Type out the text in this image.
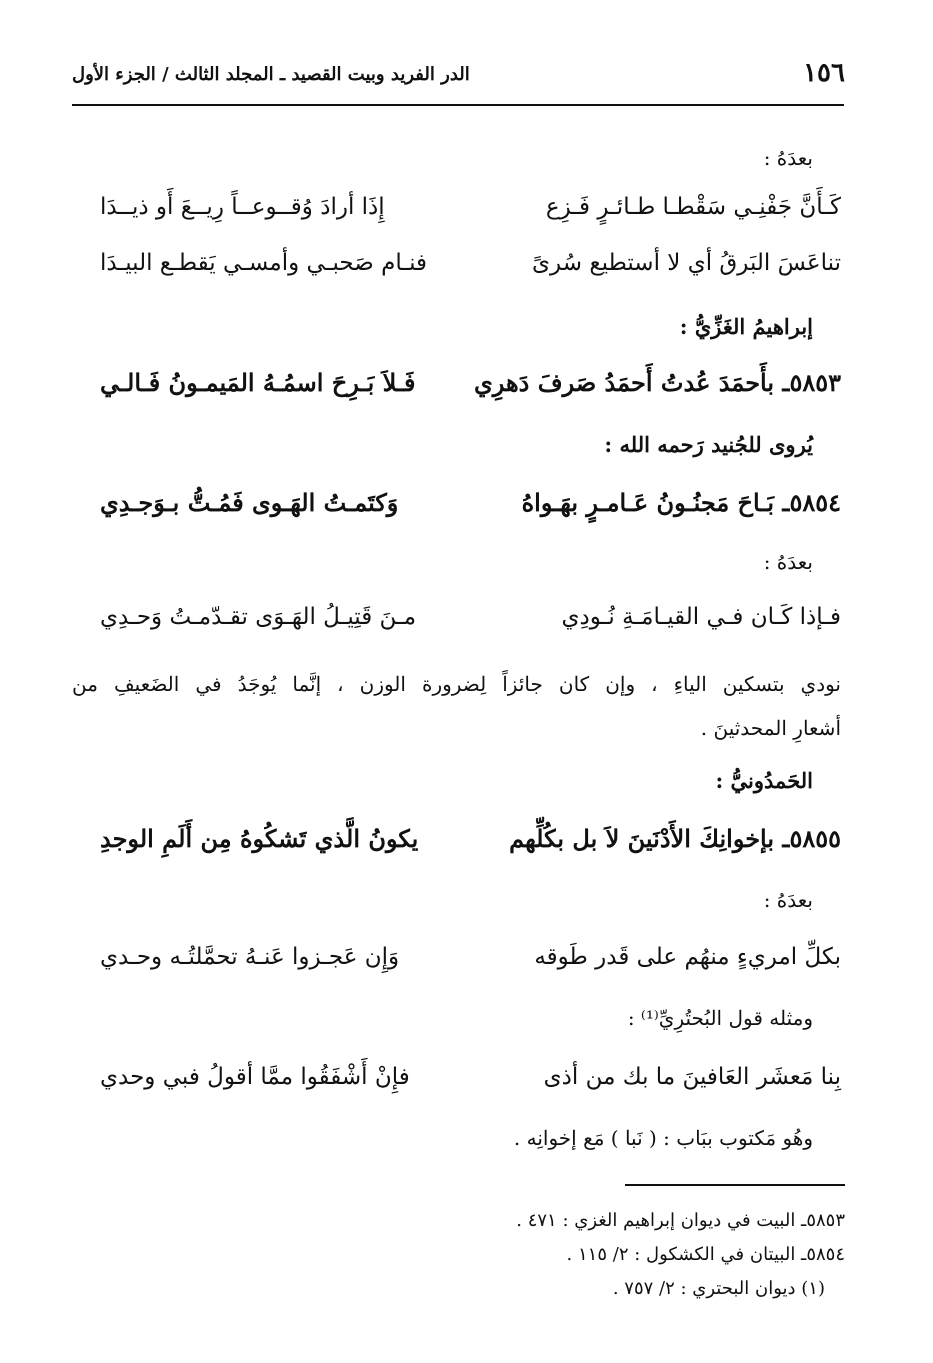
١٥٦
الدر الفريد وبيت القصيد ـ المجلد الثالث / الجزء الأول
بعدَهُ :
كَـأَنَّ جَفْنِـي سَقْطـا طـائـرٍ فَـزِع
إِذَا أرادَ وُقــوعــاً رِيــعَ أَو ذيــدَا
تناعَسَ البَرقُ أي لا أستطيع سُرىً
فنـام صَحبـي وأمسـي يَقطـع البيـدَا
إبراهيمُ الغَزِّيُّ :
٥٨٥٣ـ بأَحمَدَ عُدتُ أَحمَدُ صَرفَ دَهرِي
فَـلاَ بَـرِحَ اسمُـهُ المَيمـونُ فَـالـي
يُروى للجُنيد رَحمه الله :
٥٨٥٤ـ بَـاحَ مَجنُـونُ عَـامـرٍ بهَـواهُ
وَكتَمـتُ الهَـوى فَمُـتُّ بـوَجـدِي
بعدَهُ :
فـإذا كَـان فـي القيـامَـةِ نُـودِي
مـنَ قَتِيـلُ الهَـوَى تقـدّمـتُ وَحـدِي
نودي بتسكين الياءِ ، وإن كان جائزاً لِضرورة الوزن ، إنَّما يُوجَدُ في الضَعيفِ من
أشعارِ المحدثينَ .
الحَمدُونيُّ :
٥٨٥٥ـ بإخوانِكَ الأَدْنَينَ لاَ بل بكُلِّهم
يكونُ الَّذي تَشكُوهُ مِن أَلَمِ الوجدِ
بعدَهُ :
بكلِّ امريءٍ منهُم على قَدر طَوقه
وَإِن عَجـزوا عَنـهُ تحمَّلتُـه وحـدي
ومثله قول البُحتُرِيِّ⁽¹⁾ :
بِنا مَعشَر العَافينَ ما بك من أذى
فإِنْ أَشْفَقُوا ممَّا أقولُ فبي وحدي
وهُو مَكتوب ببَاب : ( نَبا ) مَع إخوانِه .
٥٨٥٣ـ البيت في ديوان إبراهيم الغزي : ٤٧١ .
٥٨٥٤ـ البيتان في الكشكول : ٢/ ١١٥ .
(١) ديوان البحتري : ٢/ ٧٥٧ .
